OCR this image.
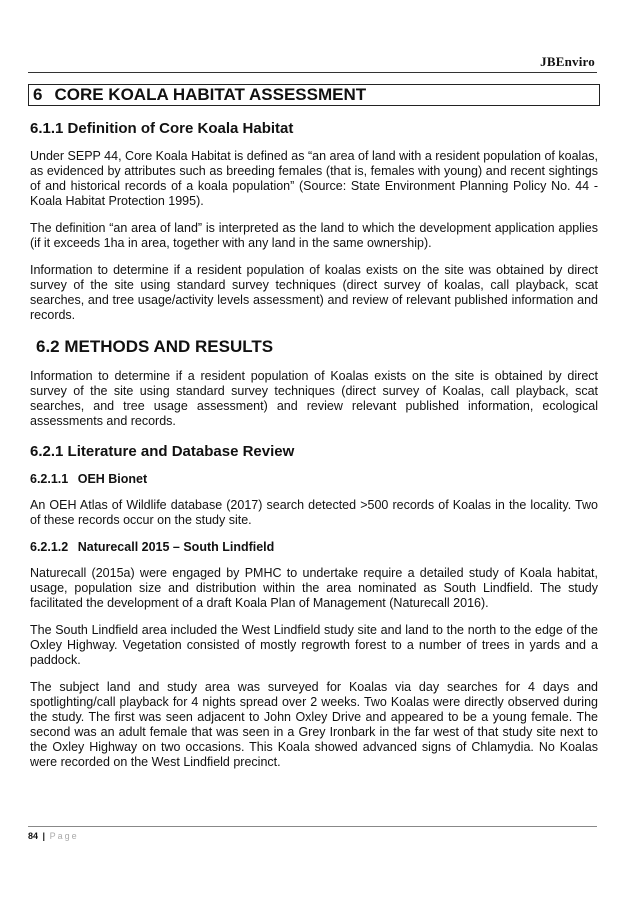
JBEnviro
6 CORE KOALA HABITAT ASSESSMENT
6.1.1 Definition of Core Koala Habitat

Under SEPP 44, Core Koala Habitat is defined as “an area of land with a resident population of koalas, as evidenced by attributes such as breeding females (that is, females with young) and recent sightings of and historical records of a koala population” (Source: State Environment Planning Policy No. 44 - Koala Habitat Protection 1995).

The definition “an area of land” is interpreted as the land to which the development application applies (if it exceeds 1ha in area, together with any land in the same ownership).

Information to determine if a resident population of koalas exists on the site was obtained by direct survey of the site using standard survey techniques (direct survey of koalas, call playback, scat searches, and tree usage/activity levels assessment) and review of relevant published information and records.

6.2 METHODS AND RESULTS

Information to determine if a resident population of Koalas exists on the site is obtained by direct survey of the site using standard survey techniques (direct survey of Koalas, call playback, scat searches, and tree usage assessment) and review relevant published information, ecological assessments and records.

6.2.1 Literature and Database Review
6.2.1.1 OEH Bionet

An OEH Atlas of Wildlife database (2017) search detected >500 records of Koalas in the locality. Two of these records occur on the study site.

6.2.1.2 Naturecall 2015 – South Lindfield

Naturecall (2015a) were engaged by PMHC to undertake require a detailed study of Koala habitat, usage, population size and distribution within the area nominated as South Lindfield. The study facilitated the development of a draft Koala Plan of Management (Naturecall 2016).

The South Lindfield area included the West Lindfield study site and land to the north to the edge of the Oxley Highway. Vegetation consisted of mostly regrowth forest to a number of trees in yards and a paddock.

The subject land and study area was surveyed for Koalas via day searches for 4 days and spotlighting/call playback for 4 nights spread over 2 weeks. Two Koalas were directly observed during the study. The first was seen adjacent to John Oxley Drive and appeared to be a young female. The second was an adult female that was seen in a Grey Ironbark in the far west of that study site next to the Oxley Highway on two occasions. This Koala showed advanced signs of Chlamydia. No Koalas were recorded on the West Lindfield precinct.

84 | Page
